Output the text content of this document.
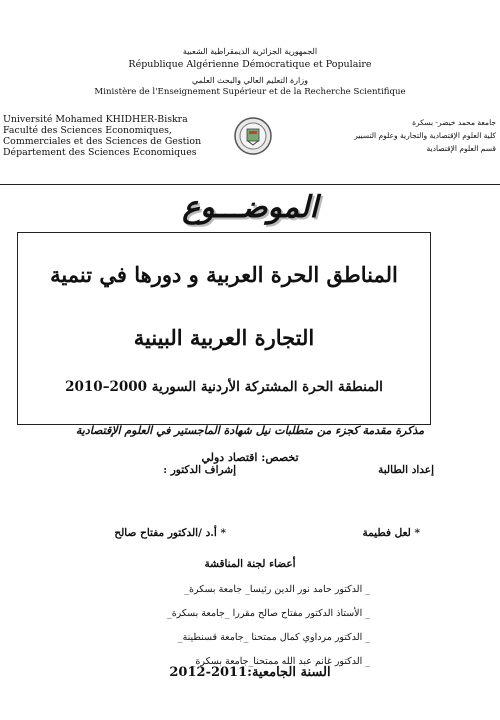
الجمهورية الجزائرية الديمقراطية الشعبية
République Algérienne Démocratique et Populaire
وزارة التعليم العالي والبحث العلمي
Ministère de l'Enseignement Supérieur et de la Recherche Scientifique
Université Mohamed KHIDHER-Biskra
Faculté des Sciences Economiques,
Commerciales et des Sciences de Gestion
Département des Sciences Economiques
جامعة محمد خيضر- بسكرة
كلية العلوم الإقتصادية والتجارية وعلوم التسيير
قسم العلوم الإقتصادية
الموضـــوع
المناطق الحرة العربية و دورها في تنمية
التجارة العربية البينية
المنطقة الحرة المشتركة الأردنية السورية 2000–2010
مذكرة مقدمة كجزء من متطلبات نيل شهادة الماجستير في العلوم الإقتصادية
تخصص: اقتصاد دولي
إعداد الطالبة
إشراف الدكتور :
* لعل فطيمة
* أ.د /الدكتور مفتاح صالح
أعضاء لجنة المناقشة
_ الدكتور حامد نور الدين رئيسا_ جامعة بسكرة_
_ الأستاذ الدكتور مفتاح صالح مقررا _جامعة بسكرة_
_ الدكتور مرداوي كمال ممتحنا _جامعة قسنطينة_
_ الدكتور غانم عبد الله ممتحنا_جامعة بسكرة_
السنة الجامعية:2011-2012
